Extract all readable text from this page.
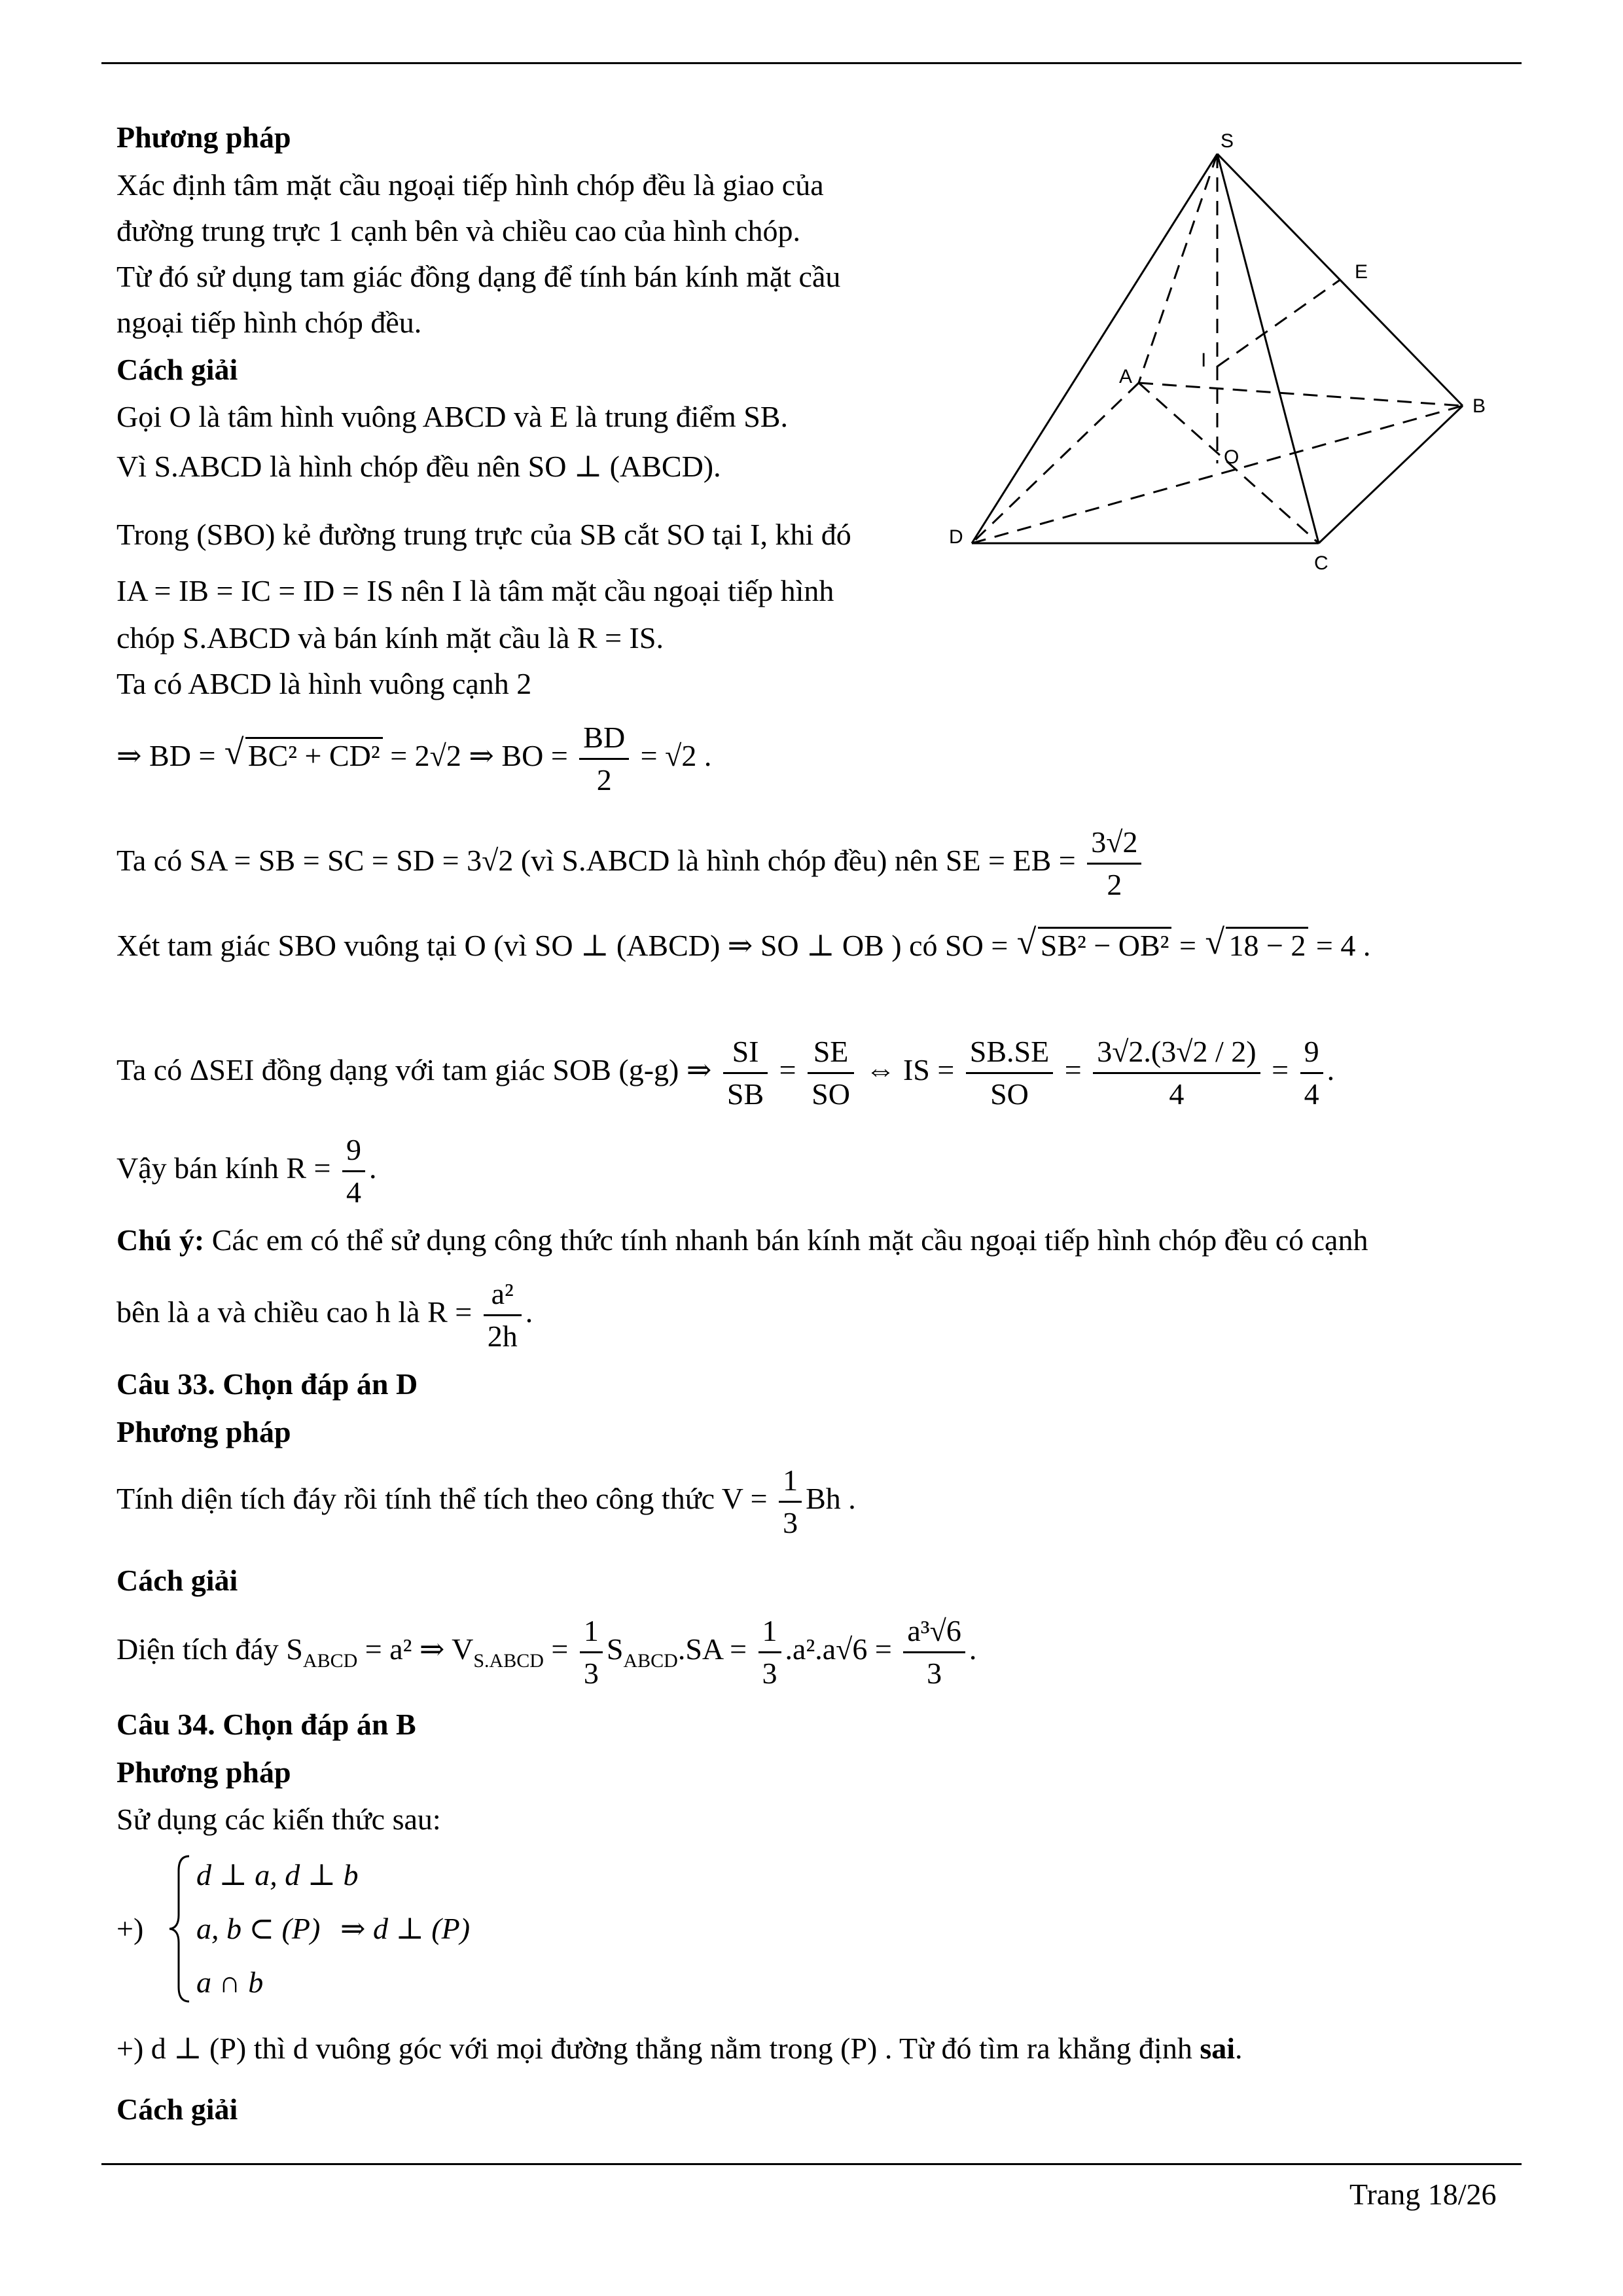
S
A
B
C
D
E
I
O
Phương pháp
Xác định tâm mặt cầu ngoại tiếp hình chóp đều là giao của
đường trung trực 1 cạnh bên và chiều cao của hình chóp.
Từ đó sử dụng tam giác đồng dạng để tính bán kính mặt cầu
ngoại tiếp hình chóp đều.
Cách giải
Gọi O là tâm hình vuông ABCD và E là trung điểm SB.
Vì S.ABCD là hình chóp đều nên SO ⊥ (ABCD).
Trong (SBO) kẻ đường trung trực của SB cắt SO tại I, khi đó
IA = IB = IC = ID = IS nên I là tâm mặt cầu ngoại tiếp hình
chóp S.ABCD và bán kính mặt cầu là R = IS.
Ta có ABCD là hình vuông cạnh 2
⇒ BD = √ BC² + CD² = 2√2 ⇒ BO = $\frac{BD}{2} = √2$ .
Ta có SA = SB = SC = SD = 3√2 (vì S.ABCD là hình chóp đều) nên SE = EB = $\frac{3√2}{2}$
Xét tam giác SBO vuông tại O (vì SO ⊥ (ABCD) ⇒ SO ⊥ OB ) có SO = √ SB² − OB² = √ 18 − 2 = 4 .
Ta có ΔSEI đồng dạng với tam giác SOB (g-g) ⇒ $\frac{SI}{SB} = \frac{SE}{SO}$ ⇔ IS = $\frac{SB.SE}{SO} = \frac{3√2.(3√2 / 2)}{4} = \frac{9}{4}$ .
Vậy bán kính $R = \frac{9}{4}$ .
Chú ý: Các em có thể sử dụng công thức tính nhanh bán kính mặt cầu ngoại tiếp hình chóp đều có cạnh
bên là a và chiều cao h là $R = \frac{\text{a²}}{2h}$ .
Câu 33. Chọn đáp án D
Phương pháp
Tính diện tích đáy rồi tính thể tích theo công thức $V = \frac{1}{3}$ Bh .
Cách giải
Diện tích đáy $S_{ABCD} = a^2$ ⇒ $V_{S.ABCD} = \frac{1}{3} S_{ABCD}.SA = \frac{1}{3} .a^2.a√6 = \frac{\text{a³√6}}{3}$ .
Câu 34. Chọn đáp án B
Phương pháp
Sử dụng các kiến thức sau:
+)
d ⊥ a, d ⊥ b
a, b ⊂ (P)
a ∩ b
⇒ d ⊥ (P)
+) d ⊥ (P) thì d vuông góc với mọi đường thẳng nằm trong (P) . Từ đó tìm ra khẳng định sai.
Cách giải
Trang 18/26
